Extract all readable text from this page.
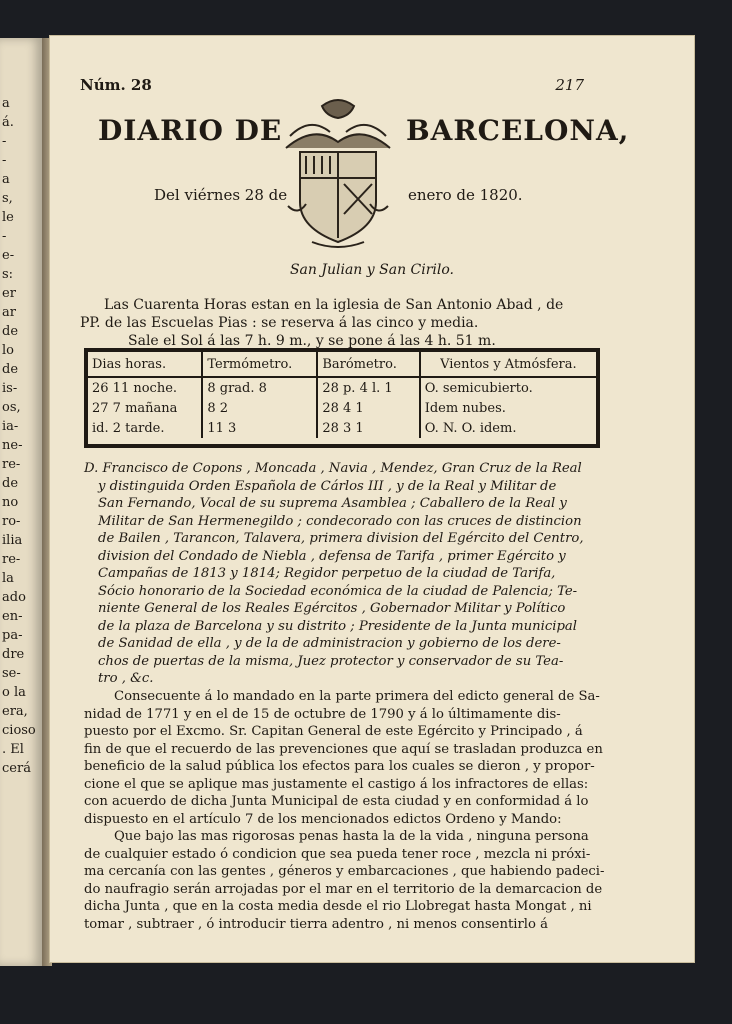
a
á.
-
-
a
s,
le
-
e-
s:
er
ar
de
lo
de
is-
os,
ia-
ne-
re-
de
no
ro-
ilia
re-
la
ado
en-
pa-
dre
se-
o la
era,
cioso
. El
cerá
Núm. 28	217
DIARIO DE	BARCELONA,
Del viérnes 28 de	enero de 1820.
San Julian y San Cirilo.
Las Cuarenta Horas estan en la iglesia de San Antonio Abad , de
PP. de las Escuelas Pias : se reserva á las cinco y media.
Sale el Sol á las 7 h. 9 m., y se pone á las 4 h. 51 m.
Dias horas.	Termómetro.	Barómetro.	Vientos y Atmósfera.
26 11 noche.	8 grad. 8	28 p. 4 l. 1	O. semicubierto.
27 7 mañana	8 2	28 4 1	Idem nubes.
id. 2 tarde.	11 3	28 3 1	O. N. O. idem.
D. Francisco de Copons , Moncada , Navia , Mendez, Gran Cruz de la Real
y distinguida Orden Española de Cárlos III , y de la Real y Militar de
San Fernando, Vocal de su suprema Asamblea ; Caballero de la Real y
Militar de San Hermenegildo ; condecorado con las cruces de distincion
de Bailen , Tarancon, Talavera, primera division del Egército del Centro,
division del Condado de Niebla , defensa de Tarifa , primer Egército y
Campañas de 1813 y 1814; Regidor perpetuo de la ciudad de Tarifa,
Sócio honorario de la Sociedad económica de la ciudad de Palencia; Te-
niente General de los Reales Egércitos , Gobernador Militar y Político
de la plaza de Barcelona y su distrito ; Presidente de la Junta municipal
de Sanidad de ella , y de la de administracion y gobierno de los dere-
chos de puertas de la misma, Juez protector y conservador de su Tea-
tro , &c.
Consecuente á lo mandado en la parte primera del edicto general de Sa-
nidad de 1771 y en el de 15 de octubre de 1790 y á lo últimamente dis-
puesto por el Excmo. Sr. Capitan General de este Egército y Principado , á
fin de que el recuerdo de las prevenciones que aquí se trasladan produzca en
beneficio de la salud pública los efectos para los cuales se dieron , y propor-
cione el que se aplique mas justamente el castigo á los infractores de ellas:
con acuerdo de dicha Junta Municipal de esta ciudad y en conformidad á lo
dispuesto en el artículo 7 de los mencionados edictos Ordeno y Mando:
Que bajo las mas rigorosas penas hasta la de la vida , ninguna persona
de cualquier estado ó condicion que sea pueda tener roce , mezcla ni próxi-
ma cercanía con las gentes , géneros y embarcaciones , que habiendo padeci-
do naufragio serán arrojadas por el mar en el territorio de la demarcacion de
dicha Junta , que en la costa media desde el rio Llobregat hasta Mongat , ni
tomar , subtraer , ó introducir tierra adentro , ni menos consentirlo á
